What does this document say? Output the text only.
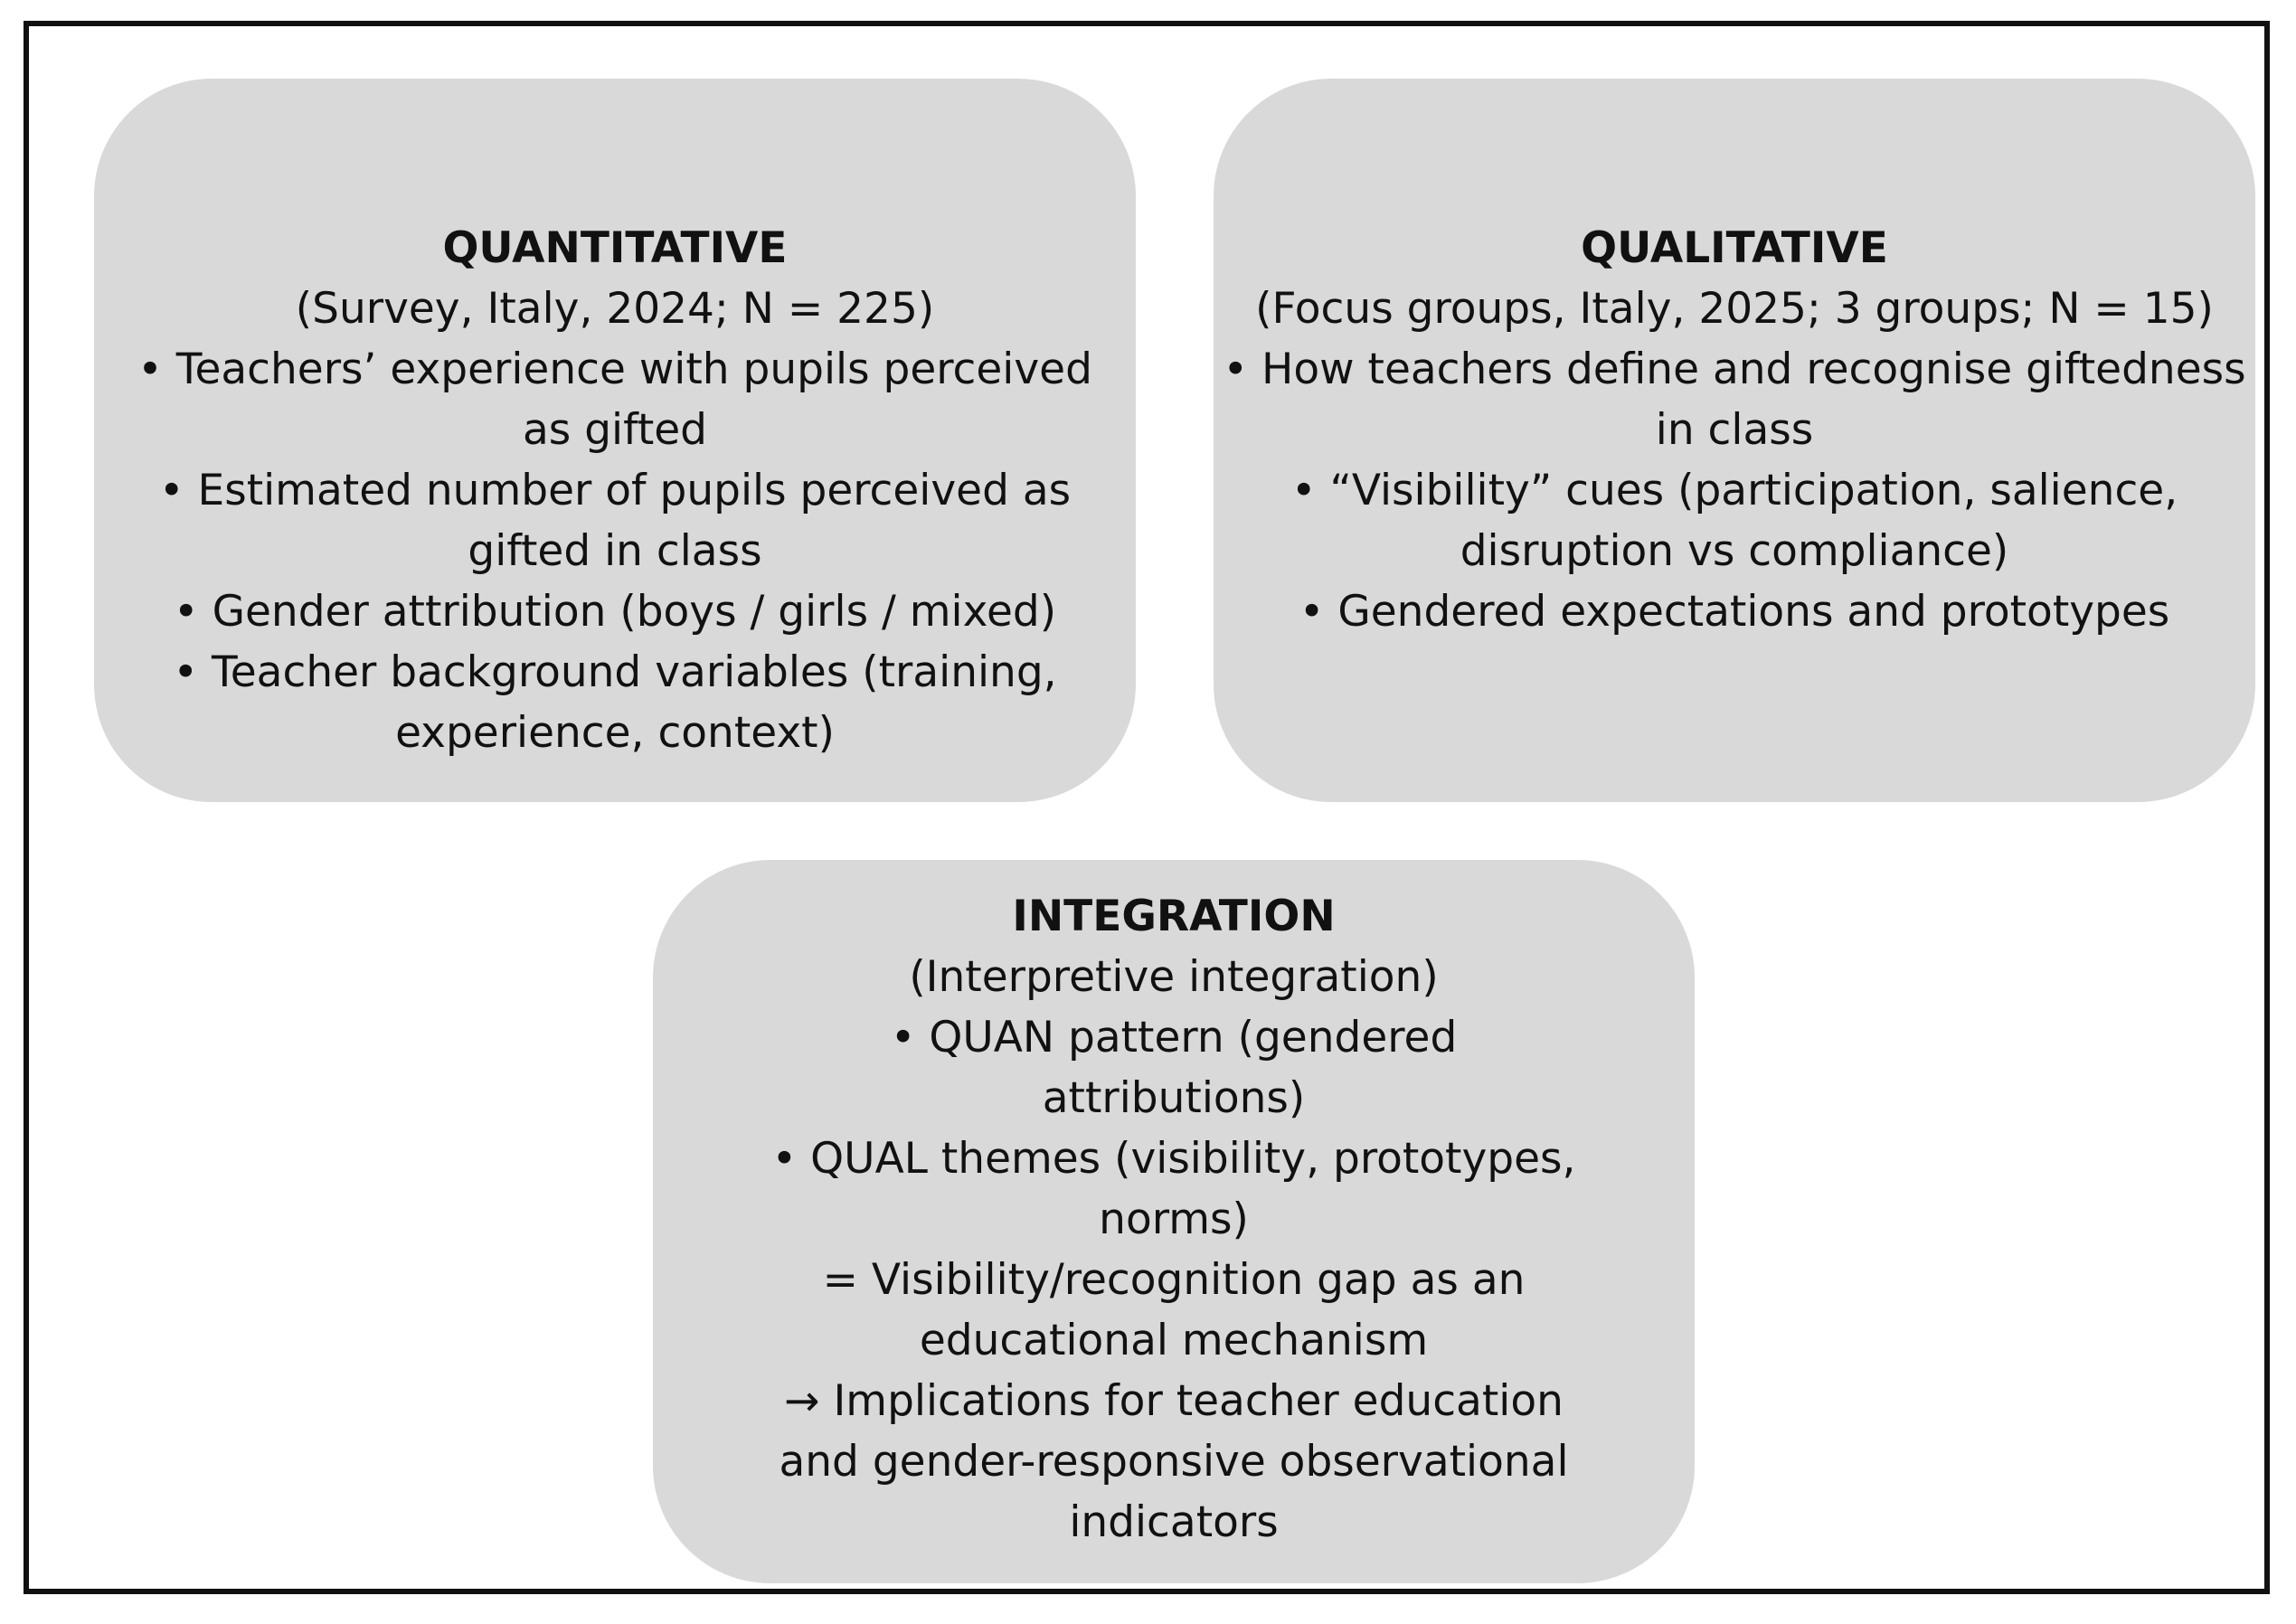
QUANTITATIVE
(Survey, Italy, 2024; N = 225)
• Teachers’ experience with pupils perceived as gifted
• Estimated number of pupils perceived as gifted in class
• Gender attribution (boys / girls / mixed)
• Teacher background variables (training, experience, context)
QUALITATIVE
(Focus groups, Italy, 2025; 3 groups; N = 15)
• How teachers define and recognise giftedness in class
• “Visibility” cues (participation, salience, disruption vs compliance)
• Gendered expectations and prototypes
INTEGRATION
(Interpretive integration)
• QUAN pattern (gendered attributions)
• QUAL themes (visibility, prototypes, norms)
= Visibility/recognition gap as an educational mechanism
→ Implications for teacher education and gender-responsive observational indicators
